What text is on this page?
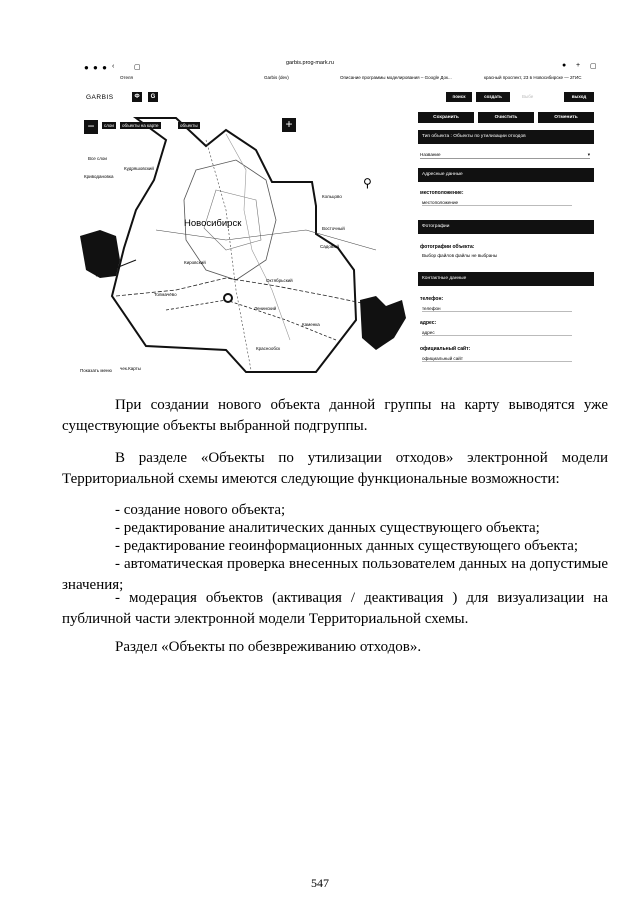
● ● ● ‹	▢
garbis.prog-mark.ru	● + ▢
Отеля	Garbis (dev)	Описание программы моделирования – Google Док...	красный проспект, 23 в Новосибирске — 2ГИС
GARBIS	Ф	G	Выбе
поиск	создать	выход
−	слои	объекты на карте	объекты	+
Все слои
Новосибирск
Кудряшовский
Криводановка
Садовый
Каменка
Толмачёво
Краснообск
Кольцово
Восточный
Ленинский
Кировский
Октябрьский
⚲
Показать меню чек.Карты
Сохранить	Очистить	Отменить
Тип объекта : Объекты по утилизации отходов
Название	▾
Адресные данные
местоположение:
местоположение
Фотографии
фотографии объекта:
Выбор файлов файлы не выбраны
Контактные данные
телефон:
телефон
адрес:
адрес
официальный сайт:
официальный сайт
При создании нового объекта данной группы на карту выводятся уже существующие объекты выбранной подгруппы.
В разделе «Объекты по утилизации отходов» электронной модели Территориальной схемы имеются следующие функциональные возможности:
- создание нового объекта;
- редактирование аналитических данных существующего объекта;
- редактирование геоинформационных данных существующего объекта;
- автоматическая проверка внесенных пользователем данных на допустимые значения;
- модерация объектов (активация / деактивация ) для визуализации на публичной части электронной модели Территориальной схемы.
Раздел «Объекты по обезвреживанию отходов».
547
